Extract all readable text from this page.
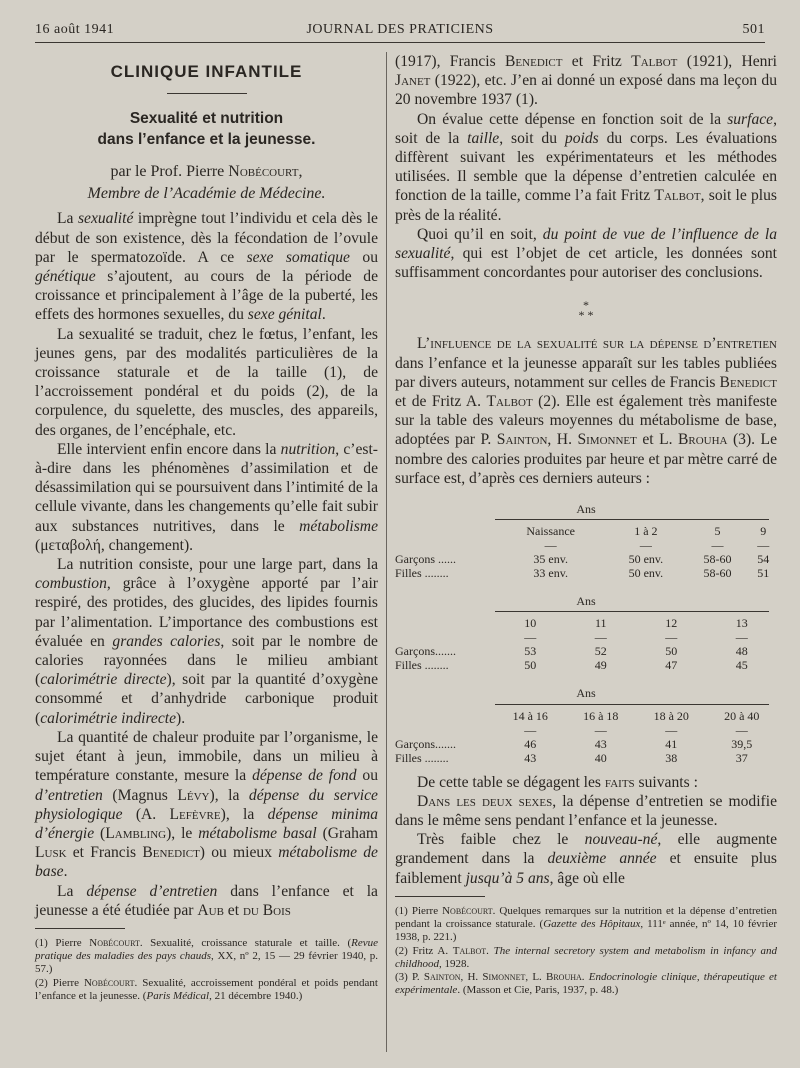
16 août 1941	JOURNAL DES PRATICIENS	501
CLINIQUE INFANTILE
Sexualité et nutrition
dans l’enfance et la jeunesse.
par le Prof. Pierre Nobécourt,
Membre de l’Académie de Médecine.

La sexualité imprègne tout l’individu et cela dès le début de son existence, dès la fécondation de l’ovule par le spermatozoïde. A ce sexe somatique ou génétique s’ajoutent, au cours de la période de croissance et principalement à l’âge de la puberté, les effets des hormones sexuelles, du sexe génital.

La sexualité se traduit, chez le fœtus, l’enfant, les jeunes gens, par des modalités particulières de la croissance staturale et de la taille (1), de l’accroissement pondéral et du poids (2), de la corpulence, du squelette, des muscles, des appareils, des organes, de l’encéphale, etc.

Elle intervient enfin encore dans la nutrition, c’est-à-dire dans les phénomènes d’assimilation et de désassimilation qui se poursuivent dans l’intimité de la cellule vivante, dans les changements qu’elle fait subir aux substances nutritives, dans le métabolisme (μεταβολή, changement).

La nutrition consiste, pour une large part, dans la combustion, grâce à l’oxygène apporté par l’air respiré, des protides, des glucides, des lipides fournis par l’alimentation. L’importance des combustions est évaluée en grandes calories, soit par le nombre de calories rayonnées dans le milieu ambiant (calorimétrie directe), soit par la quantité d’oxygène consommé et d’anhydride carbonique produit (calorimétrie indirecte).

La quantité de chaleur produite par l’organisme, le sujet étant à jeun, immobile, dans un milieu à température constante, mesure la dépense de fond ou d’entretien (Magnus Lévy), la dépense du service physiologique (A. Lefèvre), la dépense minima d’énergie (Lambling), le métabolisme basal (Graham Lusk et Francis Benedict) ou mieux métabolisme de base.

La dépense d’entretien dans l’enfance et la jeunesse a été étudiée par Aub et du Bois

(1) Pierre Nobécourt. Sexualité, croissance staturale et taille. (Revue pratique des maladies des pays chauds, XX, nº 2, 15 — 29 février 1940, p. 57.)
(2) Pierre Nobécourt. Sexualité, accroissement pondéral et poids pendant l’enfance et la jeunesse. (Paris Médical, 21 décembre 1940.)

(1917), Francis Benedict et Fritz Talbot (1921), Henri Janet (1922), etc. J’en ai donné un exposé dans ma leçon du 20 novembre 1937 (1).

On évalue cette dépense en fonction soit de la surface, soit de la taille, soit du poids du corps. Les évaluations diffèrent suivant les expérimentateurs et les méthodes utilisées. Il semble que la dépense d’entretien calculée en fonction de la taille, comme l’a fait Fritz Talbot, soit le plus près de la réalité.

Quoi qu’il en soit, du point de vue de l’influence de la sexualité, qui est l’objet de cet article, les données sont suffisamment concordantes pour autoriser des conclusions.

*
* *

L’influence de la sexualité sur la dépense d’entretien dans l’enfance et la jeunesse apparaît sur les tables publiées par divers auteurs, notamment sur celles de Francis Benedict et de Fritz A. Talbot (2). Elle est également très manifeste sur la table des valeurs moyennes du métabolisme de base, adoptées par P. Sainton, H. Simonnet et L. Brouha (3). Le nombre des calories produites par heure et par mètre carré de surface est, d’après ces derniers auteurs :

Ans
	Naissance	1 à 2	5	9
	—	—	—	—
Garçons ......	35 env.	50 env.	58-60	54
Filles ........	33 env.	50 env.	58-60	51
Ans
	10	11	12	13
	—	—	—	—
Garçons.......	53	52	50	48
Filles ........	50	49	47	45
Ans
	14 à 16	16 à 18	18 à 20	20 à 40
	—	—	—	—
Garçons.......	46	43	41	39,5
Filles ........	43	40	38	37

De cette table se dégagent les faits suivants :

Dans les deux sexes, la dépense d’entretien se modifie dans le même sens pendant l’enfance et la jeunesse.

Très faible chez le nouveau-né, elle augmente grandement dans la deuxième année et ensuite plus faiblement jusqu’à 5 ans, âge où elle

(1) Pierre Nobécourt. Quelques remarques sur la nutrition et la dépense d’entretien pendant la croissance staturale. (Gazette des Hôpitaux, 111ᵉ année, nº 14, 10 février 1938, p. 221.)
(2) Fritz A. Talbot. The internal secretory system and metabolism in infancy and childhood, 1928.
(3) P. Sainton, H. Simonnet, L. Brouha. Endocrinologie clinique, thérapeutique et expérimentale. (Masson et Cie, Paris, 1937, p. 48.)
